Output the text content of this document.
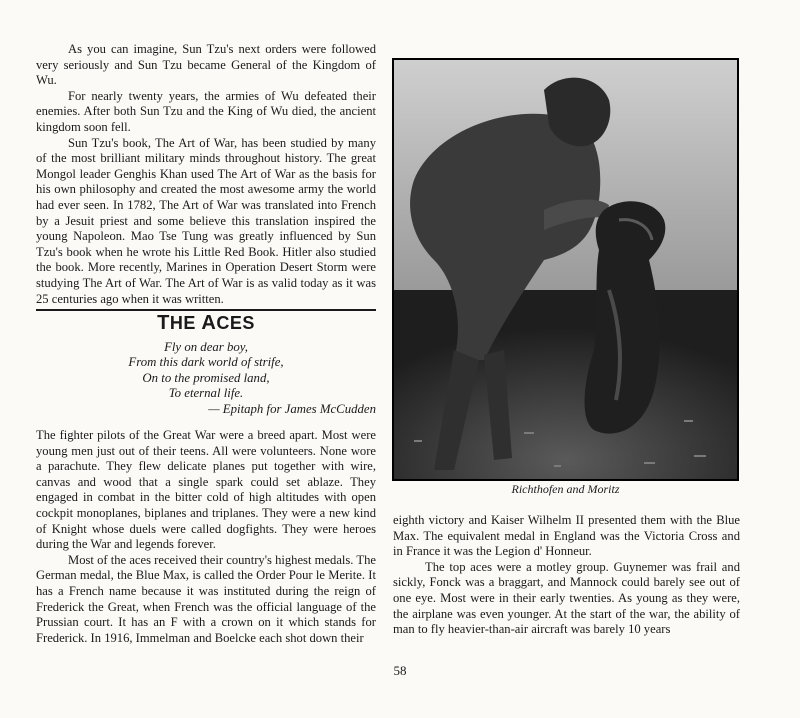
As you can imagine, Sun Tzu's next orders were followed very seriously and Sun Tzu became General of the Kingdom of Wu.

For nearly twenty years, the armies of Wu defeated their enemies. After both Sun Tzu and the King of Wu died, the ancient kingdom soon fell.

Sun Tzu's book, The Art of War, has been studied by many of the most brilliant military minds throughout history. The great Mongol leader Genghis Khan used The Art of War as the basis for his own philosophy and created the most awesome army the world had ever seen. In 1782, The Art of War was translated into French by a Jesuit priest and some believe this translation inspired the young Napoleon. Mao Tse Tung was greatly influenced by Sun Tzu's book when he wrote his Little Red Book. Hitler also studied the book. More recently, Marines in Operation Desert Storm were studying The Art of War. The Art of War is as valid today as it was 25 centuries ago when it was written.

THE ACES
Fly on dear boy,
From this dark world of strife,
On to the promised land,
To eternal life.
— Epitaph for James McCudden

The fighter pilots of the Great War were a breed apart. Most were young men just out of their teens. All were volunteers. None wore a parachute. They flew delicate planes put together with wire, canvas and wood that a single spark could set ablaze. They engaged in combat in the bitter cold of high altitudes with open cockpit monoplanes, biplanes and triplanes. They were a new kind of Knight whose duels were called dogfights. They were heroes during the War and legends forever.

Most of the aces received their country's highest medals. The German medal, the Blue Max, is called the Order Pour le Merite. It has a French name because it was instituted during the reign of Frederick the Great, when French was the official language of the Prussian court. It has an F with a crown on it which stands for Frederick. In 1916, Immelman and Boelcke each shot down their

Richthofen and Moritz

eighth victory and Kaiser Wilhelm II presented them with the Blue Max. The equivalent medal in England was the Victoria Cross and in France it was the Legion d' Honneur.

The top aces were a motley group. Guynemer was frail and sickly, Fonck was a braggart, and Mannock could barely see out of one eye. Most were in their early twenties. As young as they were, the airplane was even younger. At the start of the war, the ability of man to fly heavier-than-air aircraft was barely 10 years

58
